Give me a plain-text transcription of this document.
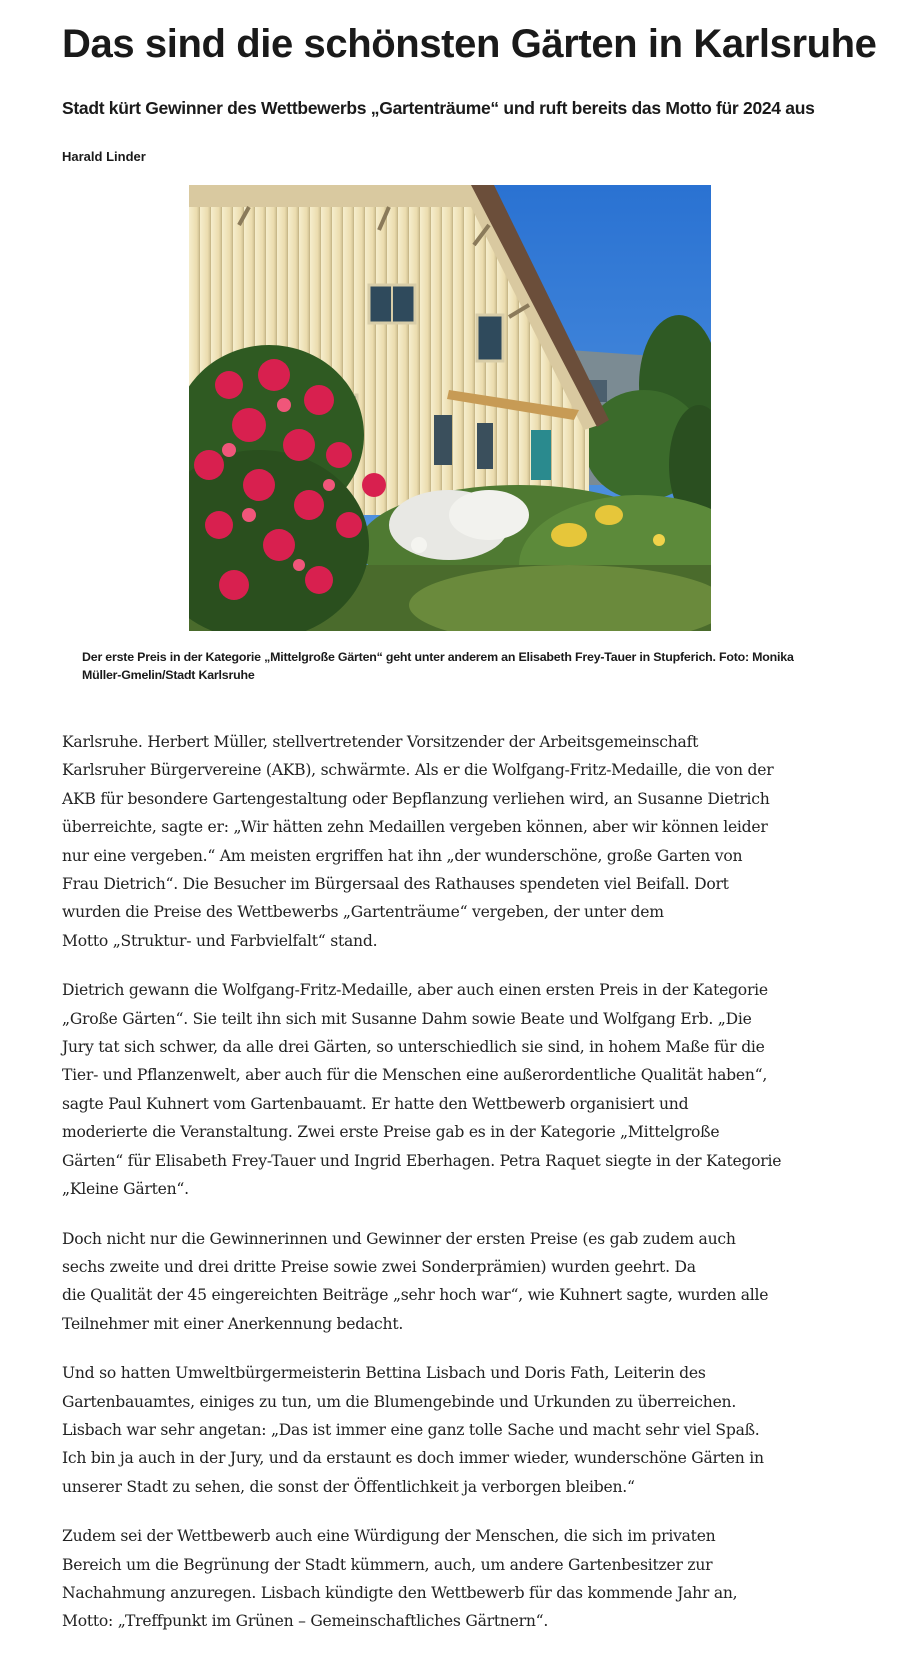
Das sind die schönsten Gärten in Karlsruhe
Stadt kürt Gewinner des Wettbewerbs „Gartenträume“ und ruft bereits das Motto für 2024 aus
Harald Linder

Der erste Preis in der Kategorie „Mittelgroße Gärten“ geht unter anderem an Elisabeth Frey-Tauer in Stupferich. Foto: Monika Müller-Gmelin/Stadt Karlsruhe

Karlsruhe. Herbert Müller, stellvertretender Vorsitzender der Arbeitsgemeinschaft
Karlsruher Bürgervereine (AKB), schwärmte. Als er die Wolfgang-Fritz-Medaille, die von der
AKB für besondere Gartengestaltung oder Bepflanzung verliehen wird, an Susanne Dietrich
überreichte, sagte er: „Wir hätten zehn Medaillen vergeben können, aber wir können leider
nur eine vergeben.“ Am meisten ergriffen hat ihn „der wunderschöne, große Garten von
Frau Dietrich“. Die Besucher im Bürgersaal des Rathauses spendeten viel Beifall. Dort
wurden die Preise des Wettbewerbs „Gartenträume“ vergeben, der unter dem
Motto „Struktur- und Farbvielfalt“ stand.

Dietrich gewann die Wolfgang-Fritz-Medaille, aber auch einen ersten Preis in der Kategorie
„Große Gärten“. Sie teilt ihn sich mit Susanne Dahm sowie Beate und Wolfgang Erb. „Die
Jury tat sich schwer, da alle drei Gärten, so unterschiedlich sie sind, in hohem Maße für die
Tier- und Pflanzenwelt, aber auch für die Menschen eine außerordentliche Qualität haben“,
sagte Paul Kuhnert vom Gartenbauamt. Er hatte den Wettbewerb organisiert und
moderierte die Veranstaltung. Zwei erste Preise gab es in der Kategorie „Mittelgroße
Gärten“ für Elisabeth Frey-Tauer und Ingrid Eberhagen. Petra Raquet siegte in der Kategorie
„Kleine Gärten“.

Doch nicht nur die Gewinnerinnen und Gewinner der ersten Preise (es gab zudem auch
sechs zweite und drei dritte Preise sowie zwei Sonderprämien) wurden geehrt. Da
die Qualität der 45 eingereichten Beiträge „sehr hoch war“, wie Kuhnert sagte, wurden alle
Teilnehmer mit einer Anerkennung bedacht.

Und so hatten Umweltbürgermeisterin Bettina Lisbach und Doris Fath, Leiterin des
Gartenbauamtes, einiges zu tun, um die Blumengebinde und Urkunden zu überreichen.
Lisbach war sehr angetan: „Das ist immer eine ganz tolle Sache und macht sehr viel Spaß.
Ich bin ja auch in der Jury, und da erstaunt es doch immer wieder, wunderschöne Gärten in
unserer Stadt zu sehen, die sonst der Öffentlichkeit ja verborgen bleiben.“

Zudem sei der Wettbewerb auch eine Würdigung der Menschen, die sich im privaten
Bereich um die Begrünung der Stadt kümmern, auch, um andere Gartenbesitzer zur
Nachahmung anzuregen. Lisbach kündigte den Wettbewerb für das kommende Jahr an,
Motto: „Treffpunkt im Grünen – Gemeinschaftliches Gärtnern“.
